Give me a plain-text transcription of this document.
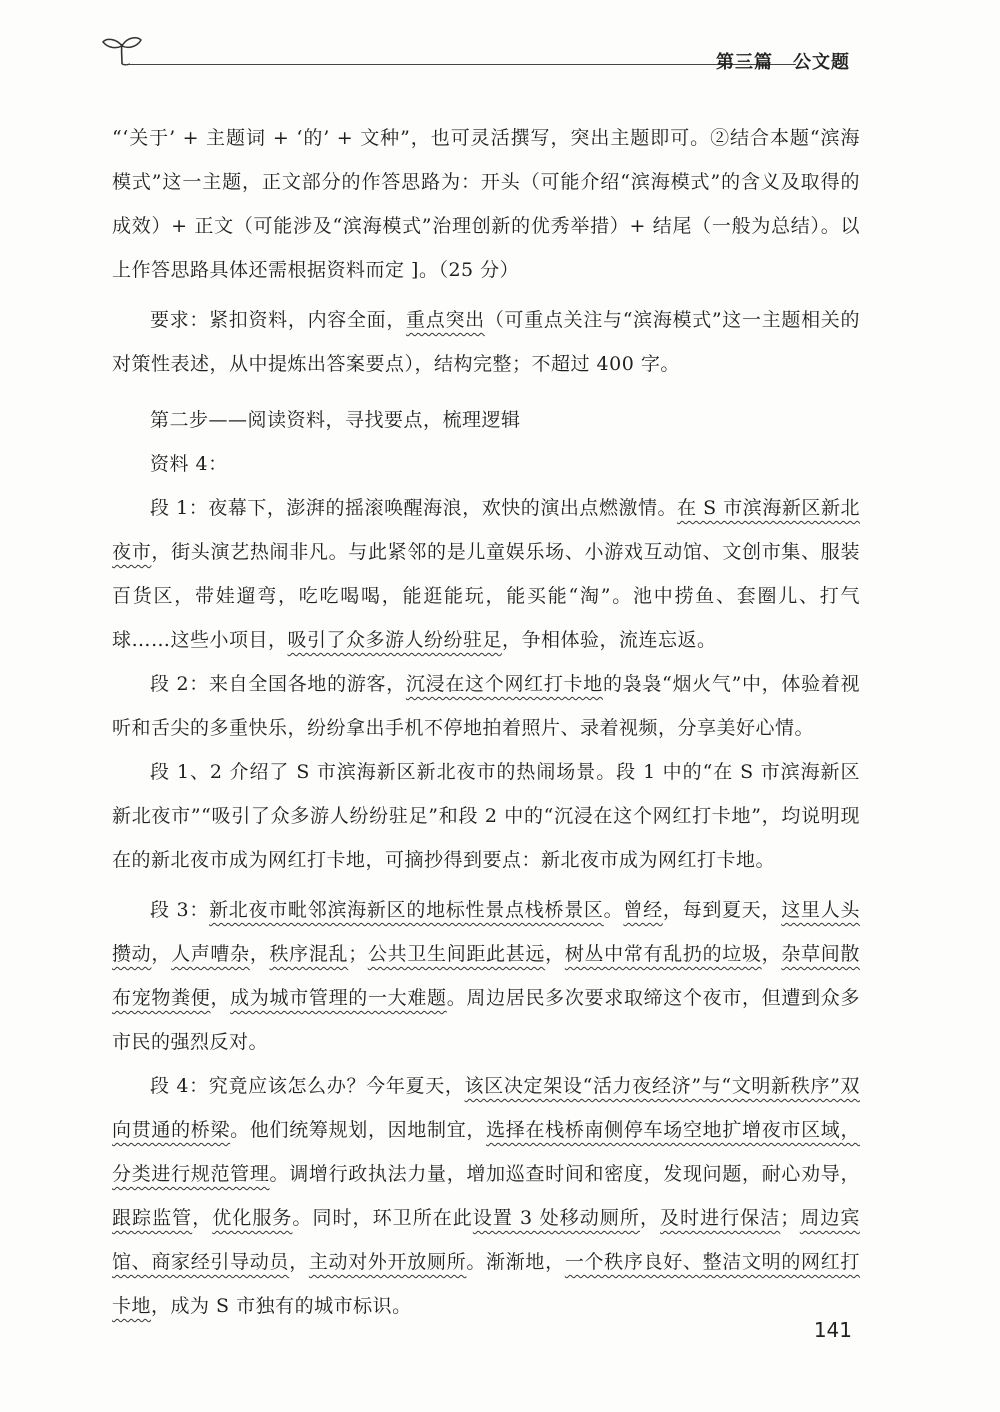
第三篇 公文题

“‘关于’ + 主题词 + ‘的’ + 文种”，也可灵活撰写，突出主题即可。②结合本题“滨海模式”这一主题，正文部分的作答思路为：开头（可能介绍“滨海模式”的含义及取得的成效）+ 正文（可能涉及“滨海模式”治理创新的优秀举措）+ 结尾（一般为总结）。以上作答思路具体还需根据资料而定 ]。（25 分）

要求：紧扣资料，内容全面，重点突出（可重点关注与“滨海模式”这一主题相关的对策性表述，从中提炼出答案要点），结构完整；不超过 400 字。

第二步——阅读资料，寻找要点，梳理逻辑

资料 4：

段 1：夜幕下，澎湃的摇滚唤醒海浪，欢快的演出点燃激情。在 S 市滨海新区新北夜市，街头演艺热闹非凡。与此紧邻的是儿童娱乐场、小游戏互动馆、文创市集、服装百货区，带娃遛弯，吃吃喝喝，能逛能玩，能买能“淘”。池中捞鱼、套圈儿、打气球……这些小项目，吸引了众多游人纷纷驻足，争相体验，流连忘返。

段 2：来自全国各地的游客，沉浸在这个网红打卡地的袅袅“烟火气”中，体验着视听和舌尖的多重快乐，纷纷拿出手机不停地拍着照片、录着视频，分享美好心情。

段 1、2 介绍了 S 市滨海新区新北夜市的热闹场景。段 1 中的“在 S 市滨海新区新北夜市”“吸引了众多游人纷纷驻足”和段 2 中的“沉浸在这个网红打卡地”，均说明现在的新北夜市成为网红打卡地，可摘抄得到要点：新北夜市成为网红打卡地。

段 3：新北夜市毗邻滨海新区的地标性景点栈桥景区。曾经，每到夏天，这里人头攒动，人声嘈杂，秩序混乱；公共卫生间距此甚远，树丛中常有乱扔的垃圾，杂草间散布宠物粪便，成为城市管理的一大难题。周边居民多次要求取缔这个夜市，但遭到众多市民的强烈反对。

段 4：究竟应该怎么办？今年夏天，该区决定架设“活力夜经济”与“文明新秩序”双向贯通的桥梁。他们统筹规划，因地制宜，选择在栈桥南侧停车场空地扩增夜市区域，分类进行规范管理。调增行政执法力量，增加巡查时间和密度，发现问题，耐心劝导，跟踪监管，优化服务。同时，环卫所在此设置 3 处移动厕所，及时进行保洁；周边宾馆、商家经引导动员，主动对外开放厕所。渐渐地，一个秩序良好、整洁文明的网红打卡地，成为 S 市独有的城市标识。

141
